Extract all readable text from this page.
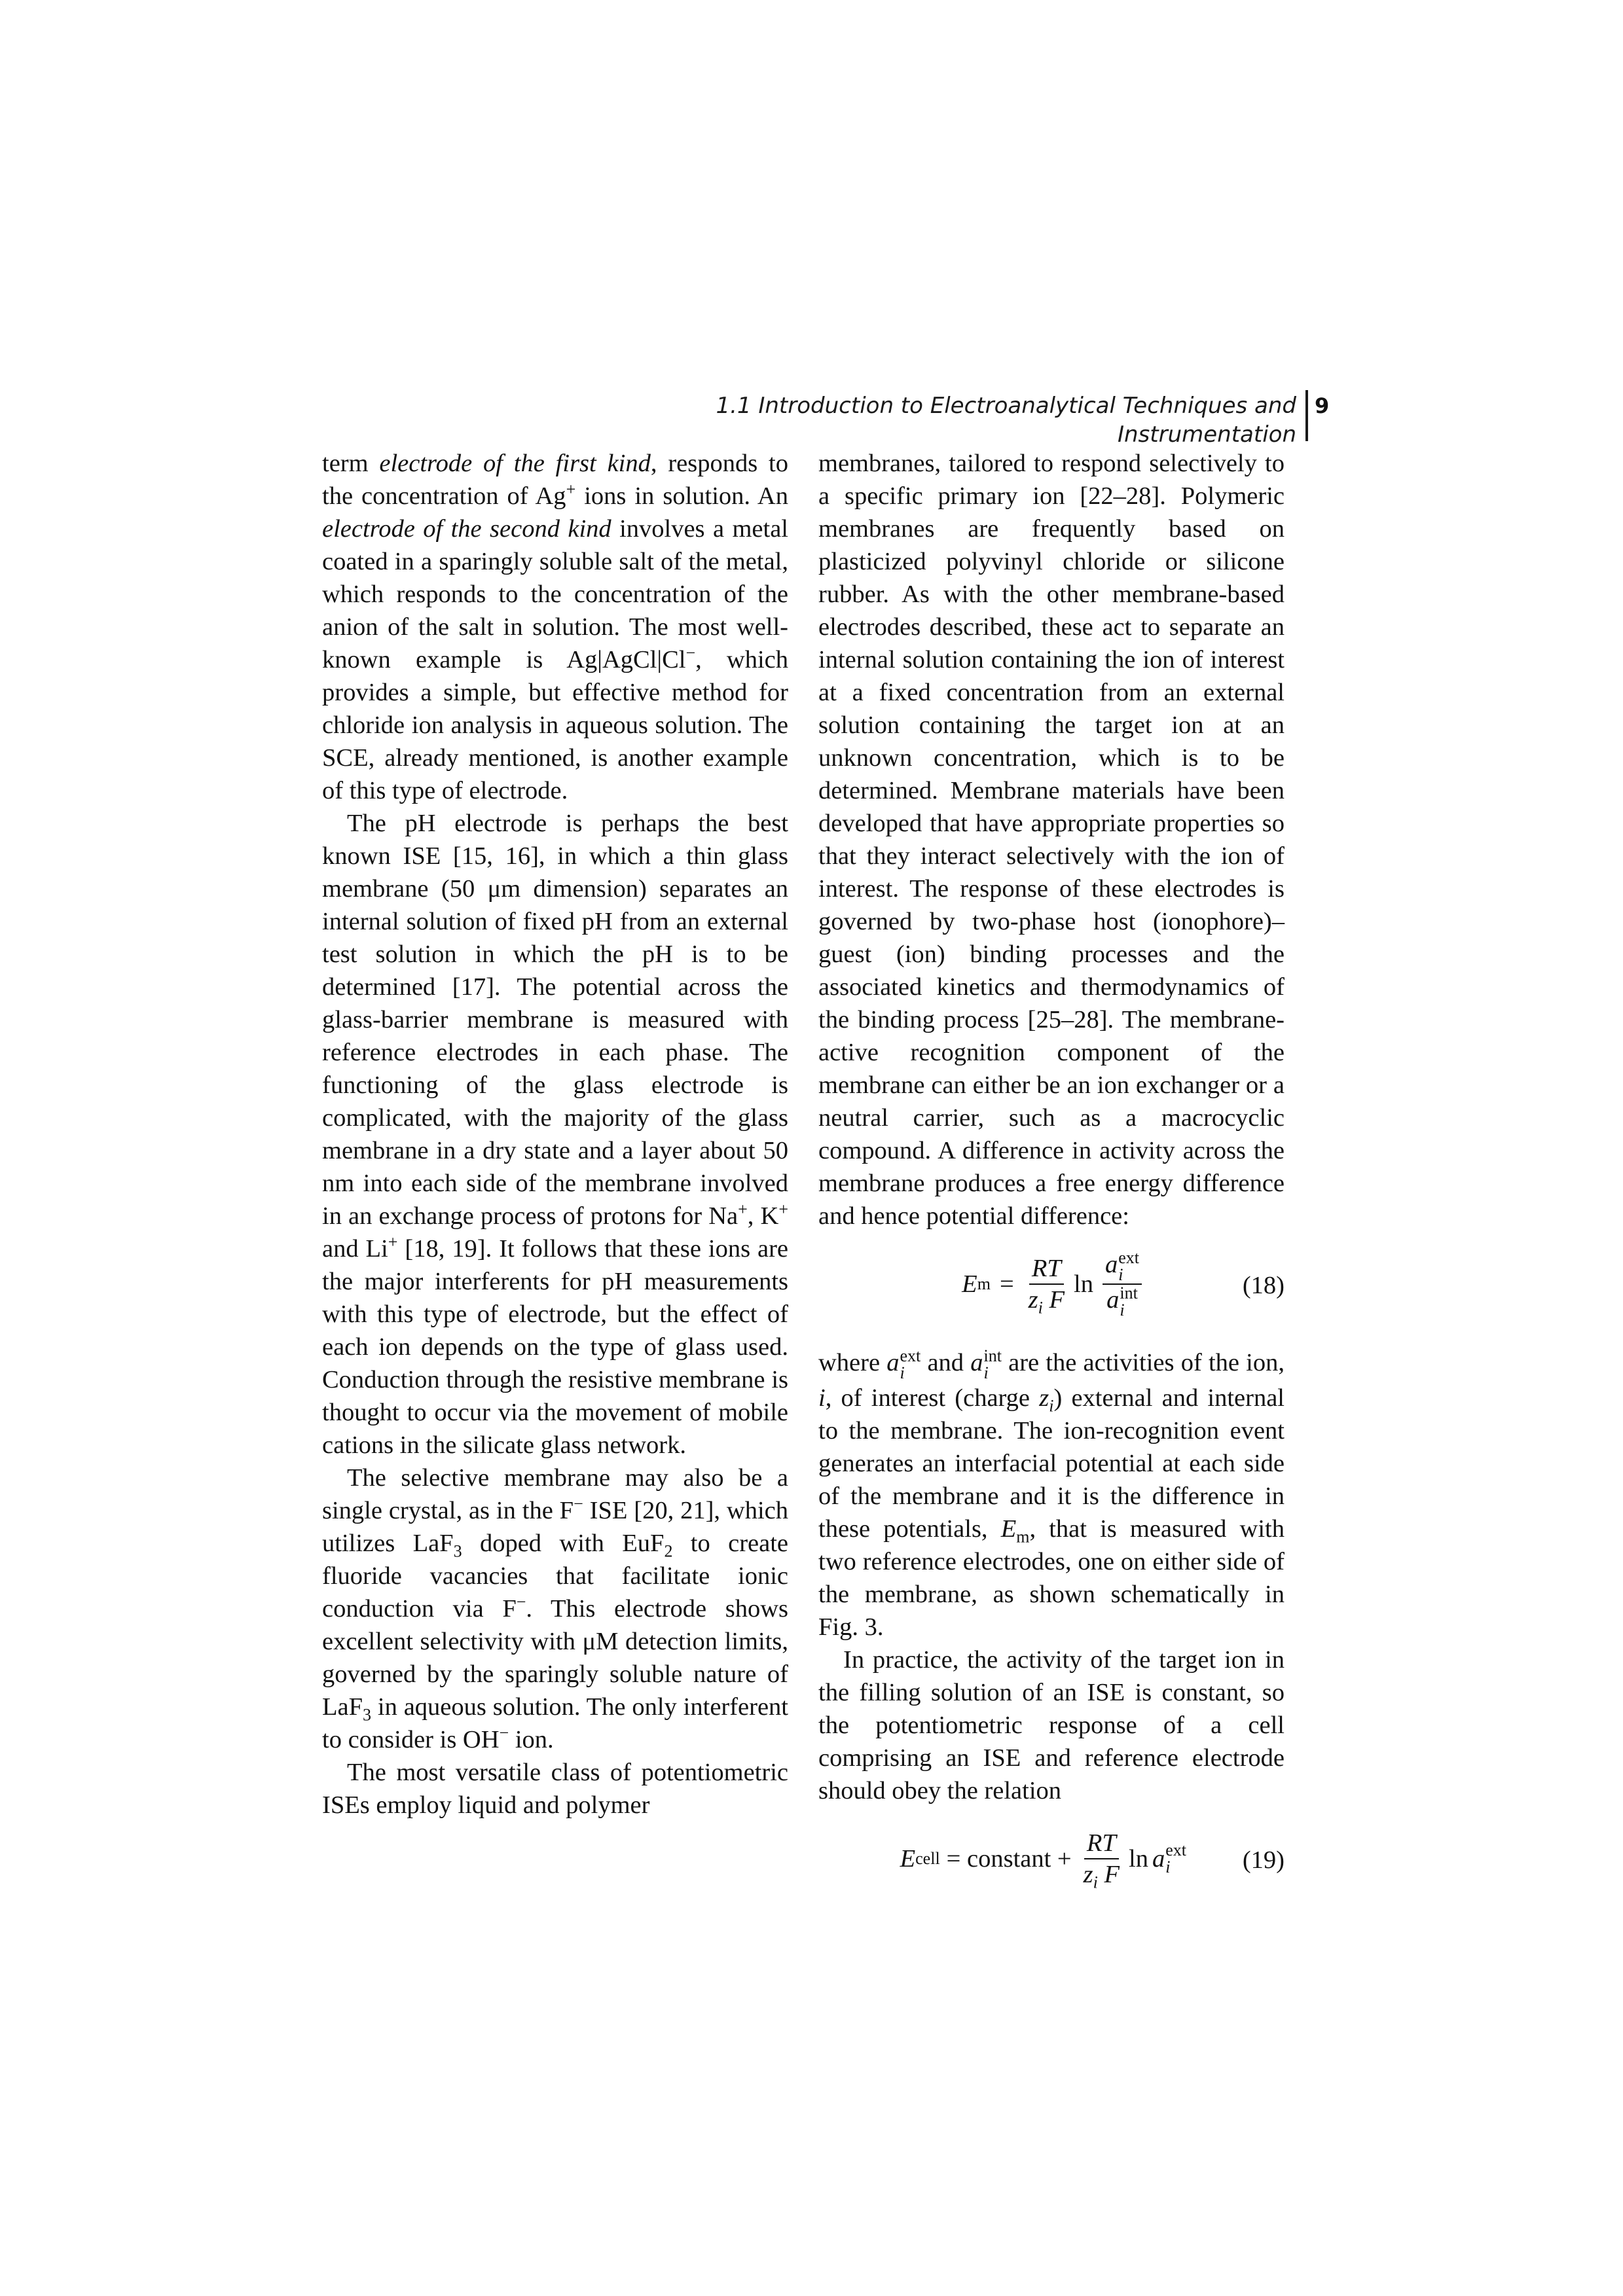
1.1 Introduction to Electroanalytical Techniques and Instrumentation
9

term electrode of the first kind, responds to the concentration of Ag+ ions in solution. An electrode of the second kind involves a metal coated in a sparingly soluble salt of the metal, which responds to the concentration of the anion of the salt in solution. The most well-known example is Ag|AgCl|Cl−, which provides a simple, but effective method for chloride ion analysis in aqueous solution. The SCE, already mentioned, is another example of this type of electrode.

The pH electrode is perhaps the best known ISE [15, 16], in which a thin glass membrane (50 μm dimension) separates an internal solution of fixed pH from an external test solution in which the pH is to be determined [17]. The potential across the glass-barrier membrane is measured with reference electrodes in each phase. The functioning of the glass electrode is complicated, with the majority of the glass membrane in a dry state and a layer about 50 nm into each side of the membrane involved in an exchange process of protons for Na+, K+ and Li+ [18, 19]. It follows that these ions are the major interferents for pH measurements with this type of electrode, but the effect of each ion depends on the type of glass used. Conduction through the resistive membrane is thought to occur via the movement of mobile cations in the silicate glass network.

The selective membrane may also be a single crystal, as in the F− ISE [20, 21], which utilizes LaF$_3$ doped with EuF$_2$ to create fluoride vacancies that facilitate ionic conduction via F−. This electrode shows excellent selectivity with μM detection limits, governed by the sparingly soluble nature of LaF$_3$ in aqueous solution. The only interferent to consider is OH− ion.

The most versatile class of potentiometric ISEs employ liquid and polymer

membranes, tailored to respond selectively to a specific primary ion [22–28]. Polymeric membranes are frequently based on plasticized polyvinyl chloride or silicone rubber. As with the other membrane-based electrodes described, these act to separate an internal solution containing the ion of interest at a fixed concentration from an external solution containing the target ion at an unknown concentration, which is to be determined. Membrane materials have been developed that have appropriate properties so that they interact selectively with the ion of interest. The response of these electrodes is governed by two-phase host (ionophore)–guest (ion) binding processes and the associated kinetics and thermodynamics of the binding process [25–28]. The membrane-active recognition component of the membrane can either be an ion exchanger or a neutral carrier, such as a macrocyclic compound. A difference in activity across the membrane produces a free energy difference and hence potential difference:

E $m = \frac{RT}{z_i F}$ ln a ext
i
a int
i	(18)

where a ext
i and a int
i are the activities of the ion, i, of interest (charge $z_i$) external and internal to the membrane. The ion-recognition event generates an interfacial potential at each side of the membrane and it is the difference in these potentials, $E_m$, that is measured with two reference electrodes, one on either side of the membrane, as shown schematically in Fig. 3.

In practice, the activity of the target ion in the filling solution of an ISE is constant, so the potentiometric response of a cell comprising an ISE and reference electrode should obey the relation

E cell = constant + $\frac{RT}{z_i F}$ ln a ext
i	(19)
